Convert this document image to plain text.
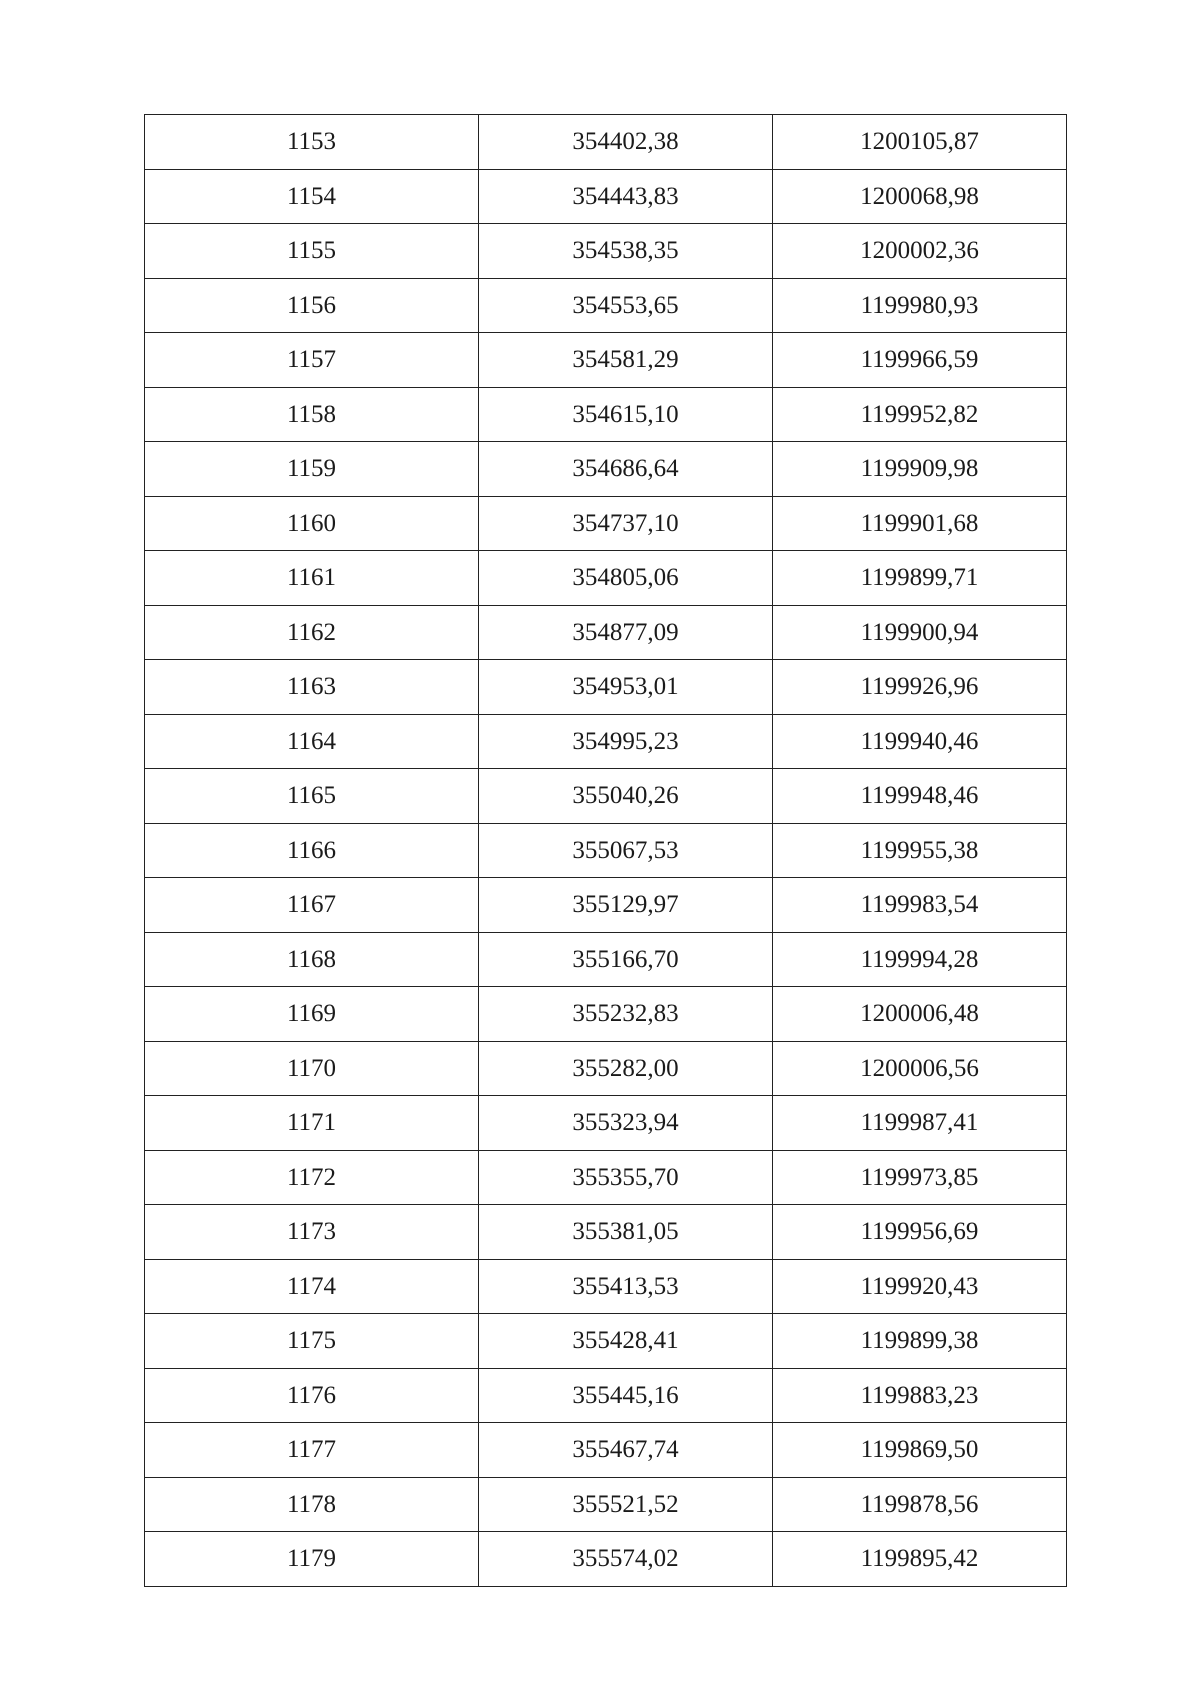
1153	354402,38	1200105,87
1154	354443,83	1200068,98
1155	354538,35	1200002,36
1156	354553,65	1199980,93
1157	354581,29	1199966,59
1158	354615,10	1199952,82
1159	354686,64	1199909,98
1160	354737,10	1199901,68
1161	354805,06	1199899,71
1162	354877,09	1199900,94
1163	354953,01	1199926,96
1164	354995,23	1199940,46
1165	355040,26	1199948,46
1166	355067,53	1199955,38
1167	355129,97	1199983,54
1168	355166,70	1199994,28
1169	355232,83	1200006,48
1170	355282,00	1200006,56
1171	355323,94	1199987,41
1172	355355,70	1199973,85
1173	355381,05	1199956,69
1174	355413,53	1199920,43
1175	355428,41	1199899,38
1176	355445,16	1199883,23
1177	355467,74	1199869,50
1178	355521,52	1199878,56
1179	355574,02	1199895,42
